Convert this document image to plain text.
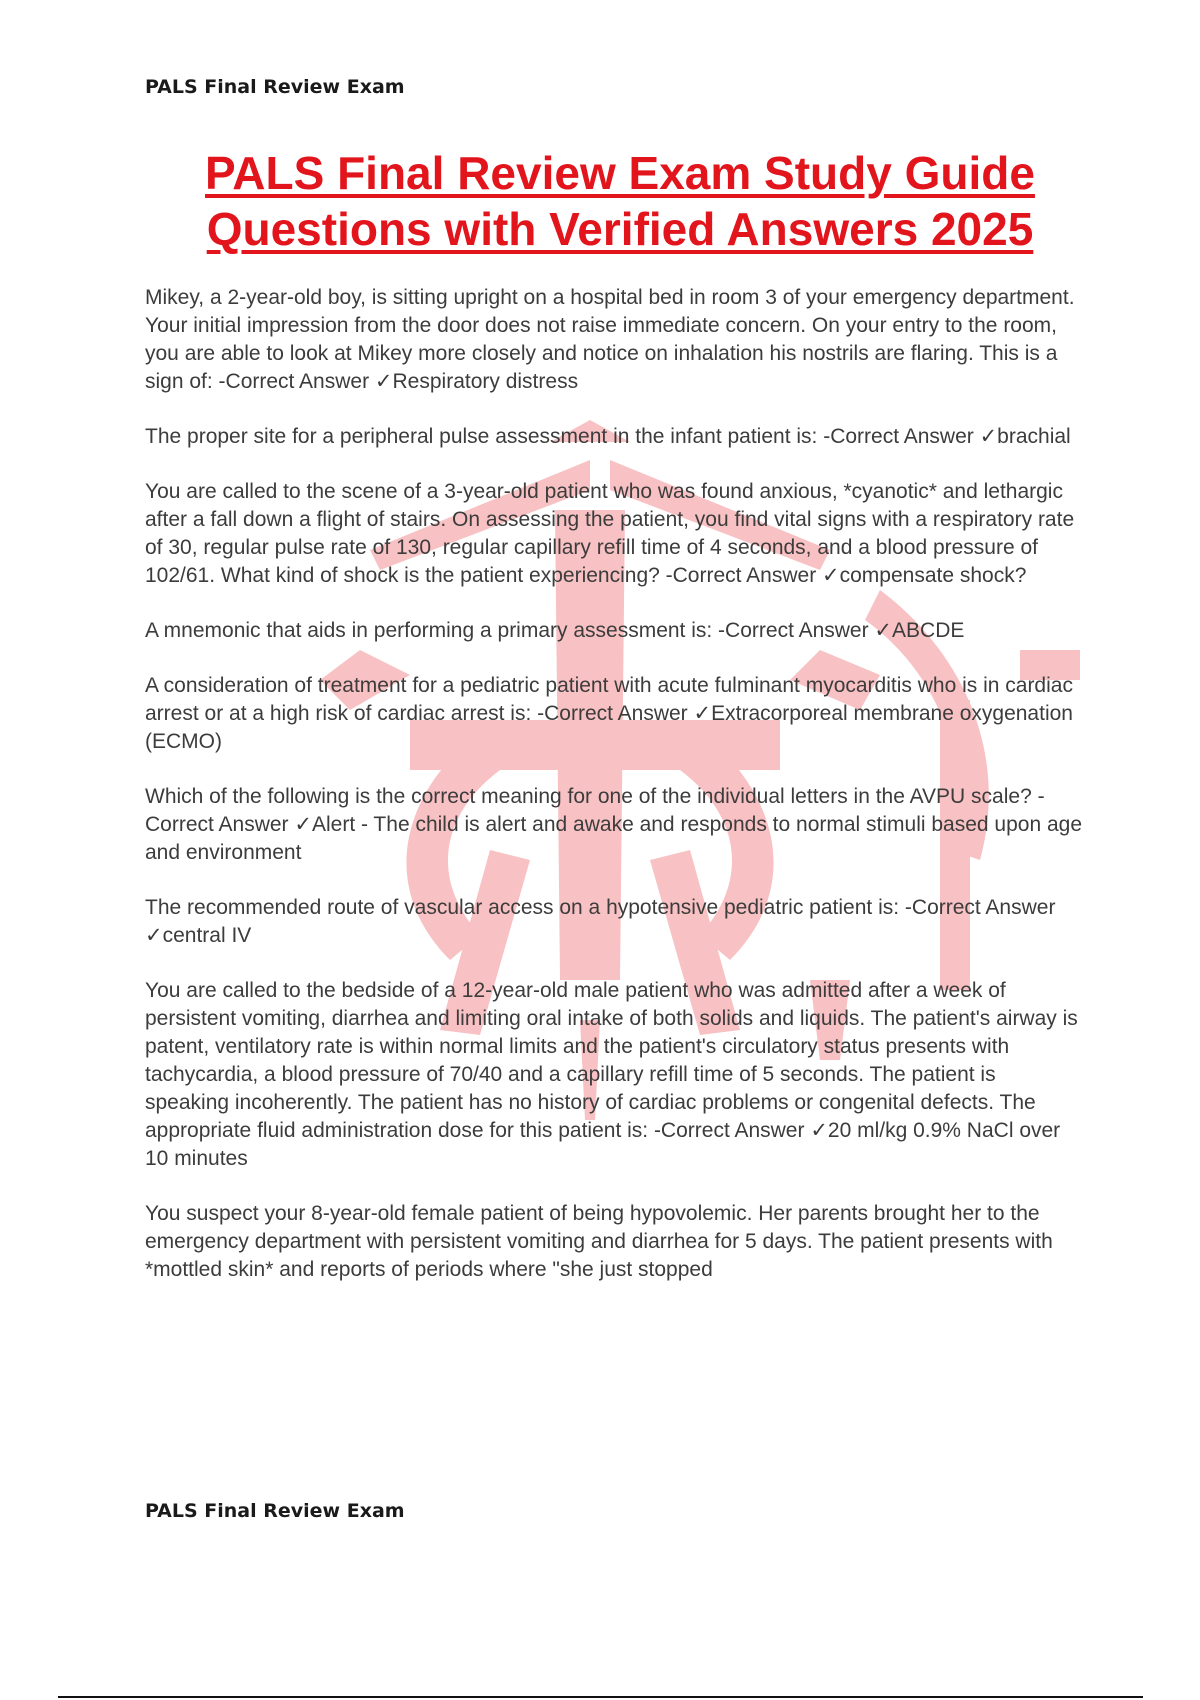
PALS Final Review Exam
PALS Final Review Exam Study Guide
Questions with Verified Answers 2025

Mikey, a 2-year-old boy, is sitting upright on a hospital bed in room 3 of your emergency department. Your initial impression from the door does not raise immediate concern. On your entry to the room, you are able to look at Mikey more closely and notice on inhalation his nostrils are flaring. This is a sign of: -Correct Answer ✓Respiratory distress

The proper site for a peripheral pulse assessment in the infant patient is: -Correct Answer ✓brachial

You are called to the scene of a 3-year-old patient who was found anxious, *cyanotic* and lethargic after a fall down a flight of stairs. On assessing the patient, you find vital signs with a respiratory rate of 30, regular pulse rate of 130, regular capillary refill time of 4 seconds, and a blood pressure of 102/61. What kind of shock is the patient experiencing? -Correct Answer ✓compensate shock?

A mnemonic that aids in performing a primary assessment is: -Correct Answer ✓ABCDE

A consideration of treatment for a pediatric patient with acute fulminant myocarditis who is in cardiac arrest or at a high risk of cardiac arrest is: -Correct Answer ✓Extracorporeal membrane oxygenation (ECMO)

Which of the following is the correct meaning for one of the individual letters in the AVPU scale? -Correct Answer ✓Alert - The child is alert and awake and responds to normal stimuli based upon age and environment

The recommended route of vascular access on a hypotensive pediatric patient is: -Correct Answer ✓central IV

You are called to the bedside of a 12-year-old male patient who was admitted after a week of persistent vomiting, diarrhea and limiting oral intake of both solids and liquids. The patient's airway is patent, ventilatory rate is within normal limits and the patient's circulatory status presents with tachycardia, a blood pressure of 70/40 and a capillary refill time of 5 seconds. The patient is speaking incoherently. The patient has no history of cardiac problems or congenital defects. The appropriate fluid administration dose for this patient is: -Correct Answer ✓20 ml/kg 0.9% NaCl over 10 minutes

You suspect your 8-year-old female patient of being hypovolemic. Her parents brought her to the emergency department with persistent vomiting and diarrhea for 5 days. The patient presents with *mottled skin* and reports of periods where "she just stopped

PALS Final Review Exam
